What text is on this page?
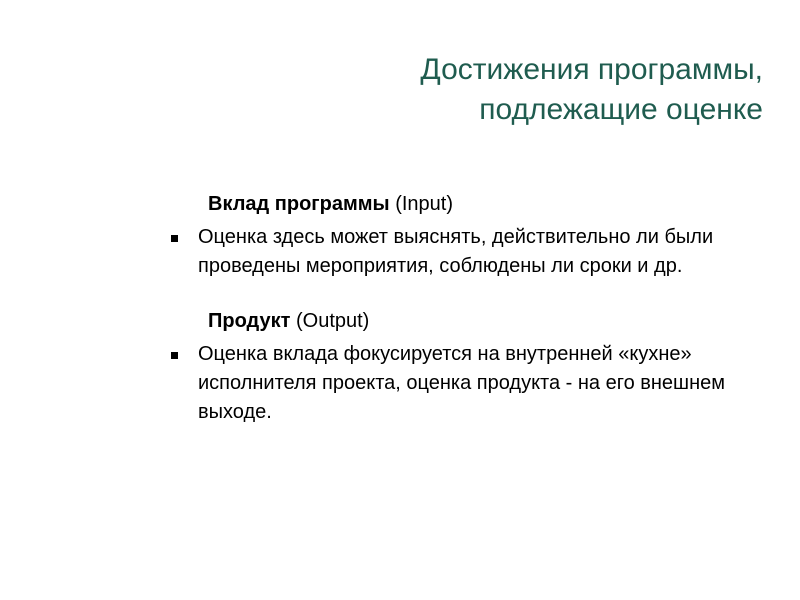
Достижения программы,
подлежащие оценке

Вклад программы (Input)

Оценка здесь может выяснять, действительно ли были проведены мероприятия, соблюдены ли сроки и др.

Продукт (Output)

Оценка вклада фокусируется на внутренней «кухне» исполнителя проекта, оценка продукта - на его внешнем выходе.
